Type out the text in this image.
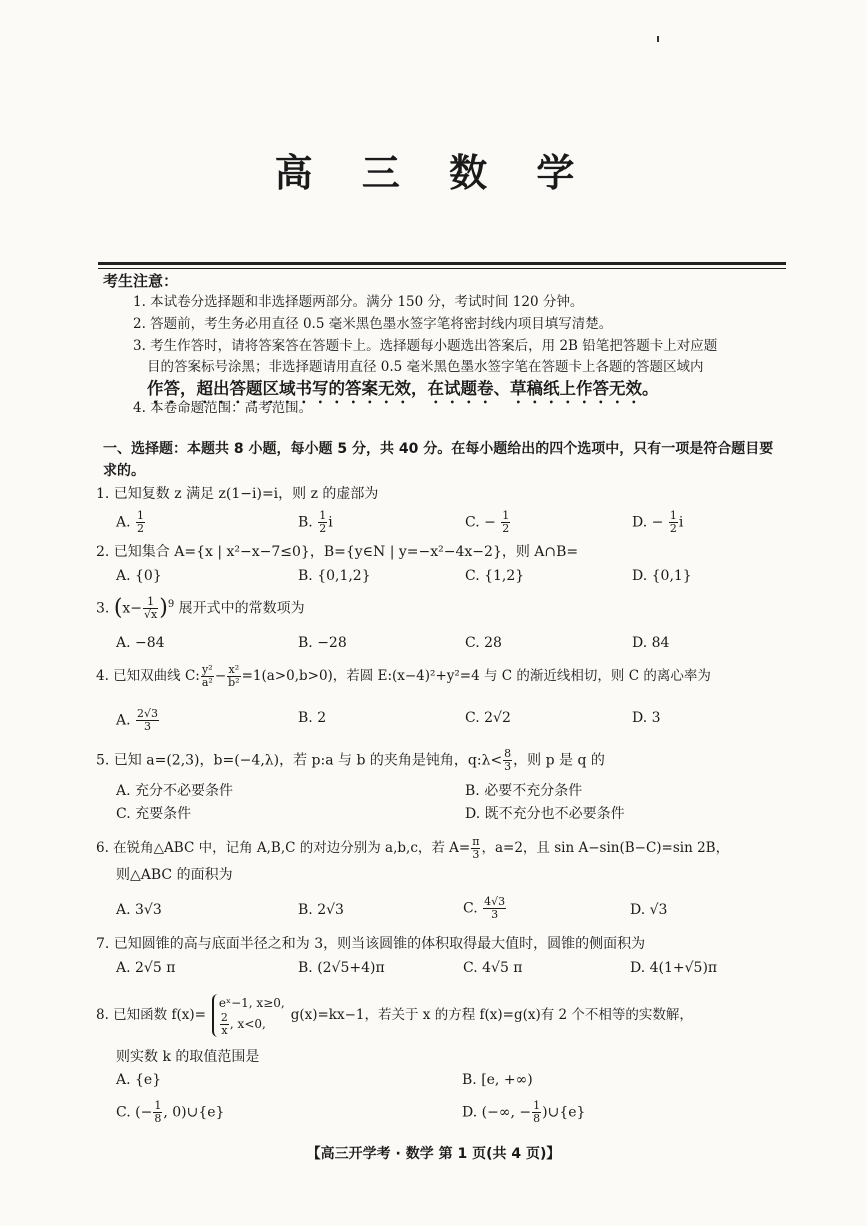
高 三 数 学
考生注意：
1. 本试卷分选择题和非选择题两部分。满分 150 分，考试时间 120 分钟。
2. 答题前，考生务必用直径 0.5 毫米黑色墨水签字笔将密封线内项目填写清楚。
3. 考生作答时，请将答案答在答题卡上。选择题每小题选出答案后，用 2B 铅笔把答题卡上对应题
目的答案标号涂黑；非选择题请用直径 0.5 毫米黑色墨水签字笔在答题卡上各题的答题区域内
作答，超出答题区域书写的答案无效，在试题卷、草稿纸上作答无效。
4. 本卷命题范围：高考范围。
一、选择题：本题共 8 小题，每小题 5 分，共 40 分。在每小题给出的四个选项中，只有一项是符合题目要
求的。
1. 已知复数 z 满足 z(1−i)=i，则 z 的虚部为
A. $\frac{1}{2}$	B. $\frac{1}{2}$ i	C. − $\frac{1}{2}$	D. − $\frac{1}{2}$ i
2. 已知集合 A={x | x²−x−7≤0}，B={y∈N | y=−x²−4x−2}，则 A∩B=
A. {0}	B. {0,1,2}	C. {1,2}	D. {0,1}
3. $(x- \frac{1}{√x} )^9$ 展开式中的常数项为
A. −84	B. −28	C. 28	D. 84
4. 已知双曲线 C: $\frac{\text{y²}}{\text{a²}} - \frac{\text{x²}}{\text{b²}} =1(a>0,b>0)$，若圆 E:(x−4)²+y²=4 与 C 的渐近线相切，则 C 的离心率为
A. $\frac{2√3}{3}$	B. 2	C. 2√2	D. 3
5. 已知 a=(2,3)，b=(−4,λ)，若 p:a 与 b 的夹角是钝角，q:λ< $\frac{8}{3}$ ，则 p 是 q 的
A. 充分不必要条件	B. 必要不充分条件
C. 充要条件	D. 既不充分也不必要条件
6. 在锐角△ABC 中，记角 A,B,C 的对边分别为 a,b,c，若 $A= \frac{\pi}{3}$ ，a=2，且 sin A−sin(B−C)=sin 2B，
则△ABC 的面积为
A. 3√3	B. 2√3	C. $\frac{4√3}{3}$	D. √3
7. 已知圆锥的高与底面半径之和为 3，则当该圆锥的体积取得最大值时，圆锥的侧面积为
A. 2√5 π	B. (2√5+4)π	C. 4√5 π	D. 4(1+√5)π
8. 已知函数 f(x)=
eˣ−1, x≥0,
$\frac{2}{x}$ , x<0,
g(x)=kx−1，若关于 x 的方程 f(x)=g(x)有 2 个不相等的实数解，
则实数 k 的取值范围是
A. {e}	B. [e, +∞)
C. (− $\frac{1}{8}$ , 0)∪{e}	D. (−∞, − $\frac{1}{8}$ )∪{e}
【高三开学考 · 数学 第 1 页(共 4 页)】
